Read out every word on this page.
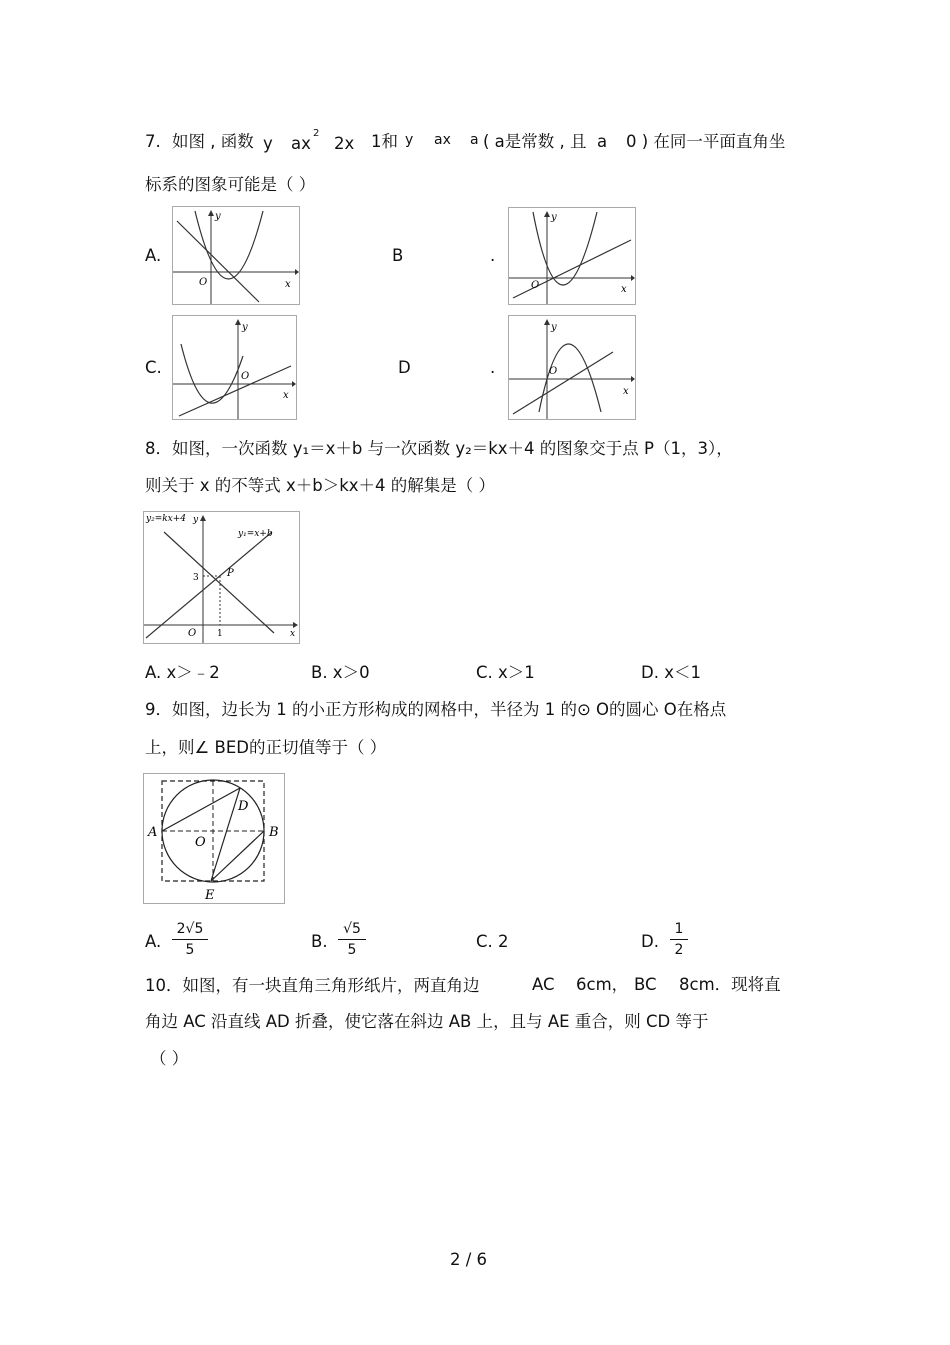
7. 如图 , 函数 y ax
2
2x 1和 y ax a ( a是常数 , 且 a 0 ) 在同一平面直角坐
标系的图象可能是（ ）
A.
y
O	x
B	.
y
O	x
C.
y
O
x
D	.
y
O
x
8．如图，一次函数 y₁＝x＋b 与一次函数 y₂＝kx＋4 的图象交于点 P（1，3），
则关于 x 的不等式 x＋b＞kx＋4 的解集是（ ）
y₂=kx+4 y
y₁=x+b
P
3
O 1	x
A. x＞﹣2	B. x＞0	C. x＞1	D. x＜1
9．如图，边长为 1 的小正方形构成的网格中，半径为 1 的⊙ O的圆心 O在格点
上，则∠ BED的正切值等于（ ）
A	B
D
E
O
A.
2√5
5	B.
√5
5	C. 2	D.
1
2
10．如图，有一块直角三角形纸片，两直角边	AC 6cm， BC 8cm．现将直
角边 AC 沿直线 AD 折叠，使它落在斜边 AB 上，且与 AE 重合，则 CD 等于
（ ）
2 / 6
